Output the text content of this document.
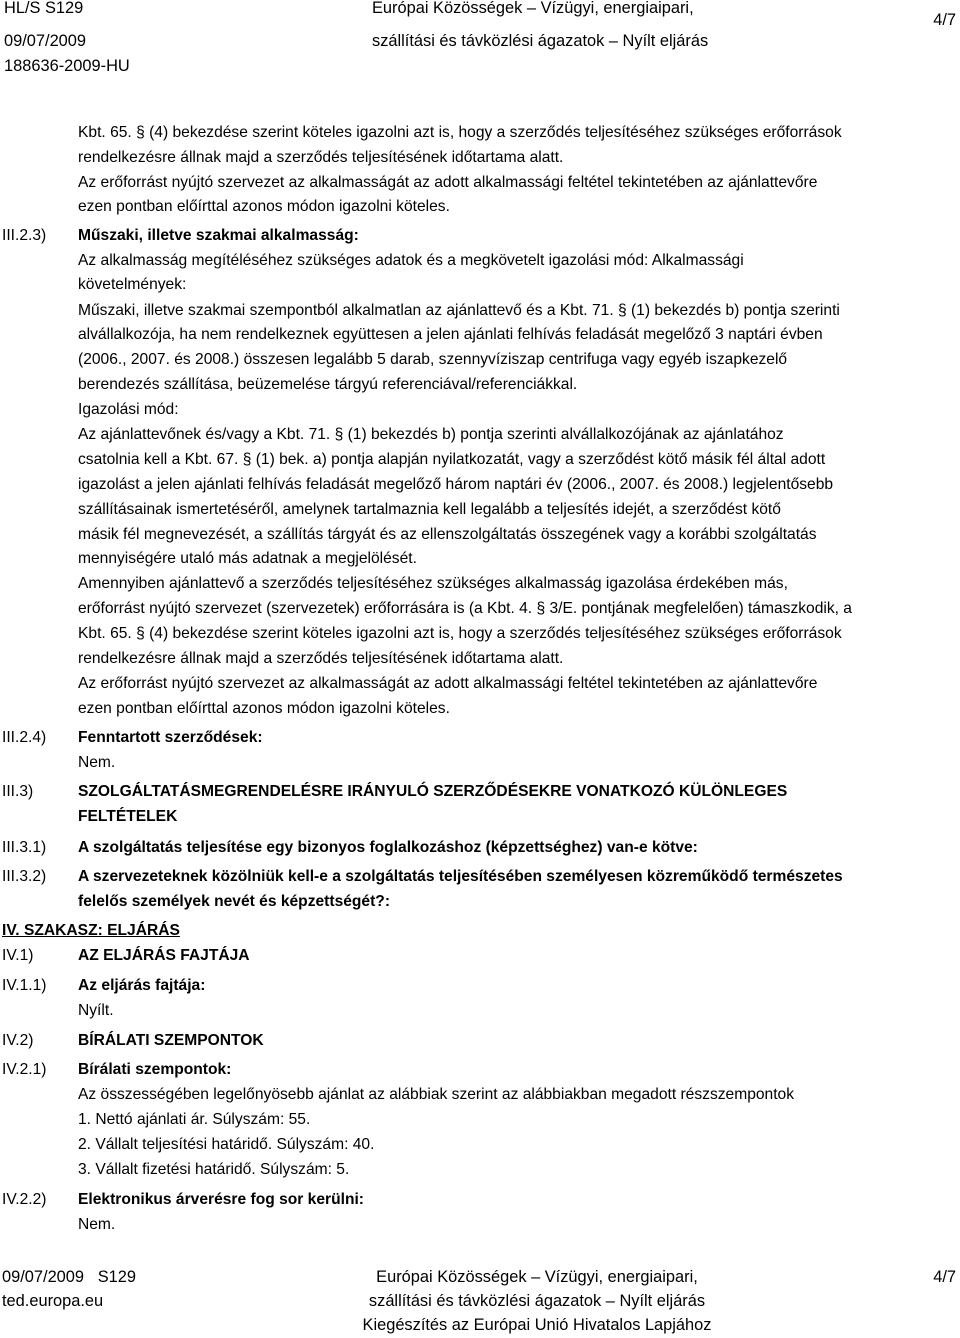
HL/S S129
09/07/2009
188636-2009-HU
Európai Közösségek – Vízügyi, energiaipari,
szállítási és távközlési ágazatok – Nyílt eljárás
4/7
Kbt. 65. § (4) bekezdése szerint köteles igazolni azt is, hogy a szerződés teljesítéséhez szükséges erőforrások
rendelkezésre állnak majd a szerződés teljesítésének időtartama alatt.
Az erőforrást nyújtó szervezet az alkalmasságát az adott alkalmassági feltétel tekintetében az ajánlattevőre
ezen pontban előírttal azonos módon igazolni köteles.
III.2.3) Műszaki, illetve szakmai alkalmasság:
Az alkalmasság megítéléséhez szükséges adatok és a megkövetelt igazolási mód: Alkalmassági
követelmények:
Műszaki, illetve szakmai szempontból alkalmatlan az ajánlattevő és a Kbt. 71. § (1) bekezdés b) pontja szerinti
alvállalkozója, ha nem rendelkeznek együttesen a jelen ajánlati felhívás feladását megelőző 3 naptári évben
(2006., 2007. és 2008.) összesen legalább 5 darab, szennyvíziszap centrifuga vagy egyéb iszapkezelő
berendezés szállítása, beüzemelése tárgyú referenciával/referenciákkal.
Igazolási mód:
Az ajánlattevőnek és/vagy a Kbt. 71. § (1) bekezdés b) pontja szerinti alvállalkozójának az ajánlatához
csatolnia kell a Kbt. 67. § (1) bek. a) pontja alapján nyilatkozatát, vagy a szerződést kötő másik fél által adott
igazolást a jelen ajánlati felhívás feladását megelőző három naptári év (2006., 2007. és 2008.) legjelentősebb
szállításainak ismertetéséről, amelynek tartalmaznia kell legalább a teljesítés idejét, a szerződést kötő
másik fél megnevezését, a szállítás tárgyát és az ellenszolgáltatás összegének vagy a korábbi szolgáltatás
mennyiségére utaló más adatnak a megjelölését.
Amennyiben ajánlattevő a szerződés teljesítéséhez szükséges alkalmasság igazolása érdekében más,
erőforrást nyújtó szervezet (szervezetek) erőforrására is (a Kbt. 4. § 3/E. pontjának megfelelően) támaszkodik, a
Kbt. 65. § (4) bekezdése szerint köteles igazolni azt is, hogy a szerződés teljesítéséhez szükséges erőforrások
rendelkezésre állnak majd a szerződés teljesítésének időtartama alatt.
Az erőforrást nyújtó szervezet az alkalmasságát az adott alkalmassági feltétel tekintetében az ajánlattevőre
ezen pontban előírttal azonos módon igazolni köteles.
III.2.4) Fenntartott szerződések:
Nem.
III.3)	SZOLGÁLTATÁSMEGRENDELÉSRE IRÁNYULÓ SZERZŐDÉSEKRE VONATKOZÓ KÜLÖNLEGES
FELTÉTELEK
III.3.1) A szolgáltatás teljesítése egy bizonyos foglalkozáshoz (képzettséghez) van-e kötve:
III.3.2) A szervezeteknek közölniük kell-e a szolgáltatás teljesítésében személyesen közreműködő természetes
felelős személyek nevét és képzettségét?:
IV. SZAKASZ: ELJÁRÁS
IV.1)	AZ ELJÁRÁS FAJTÁJA
IV.1.1) Az eljárás fajtája:
Nyílt.
IV.2)	BÍRÁLATI SZEMPONTOK
IV.2.1) Bírálati szempontok:
Az összességében legelőnyösebb ajánlat az alábbiak szerint az alábbiakban megadott részszempontok
1. Nettó ajánlati ár. Súlyszám: 55.
2. Vállalt teljesítési határidő. Súlyszám: 40.
3. Vállalt fizetési határidő. Súlyszám: 5.
IV.2.2) Elektronikus árverésre fog sor kerülni:
Nem.
09/07/2009   S129
ted.europa.eu
Európai Közösségek – Vízügyi, energiaipari,
szállítási és távközlési ágazatok – Nyílt eljárás
Kiegészítés az Európai Unió Hivatalos Lapjához
4/7
